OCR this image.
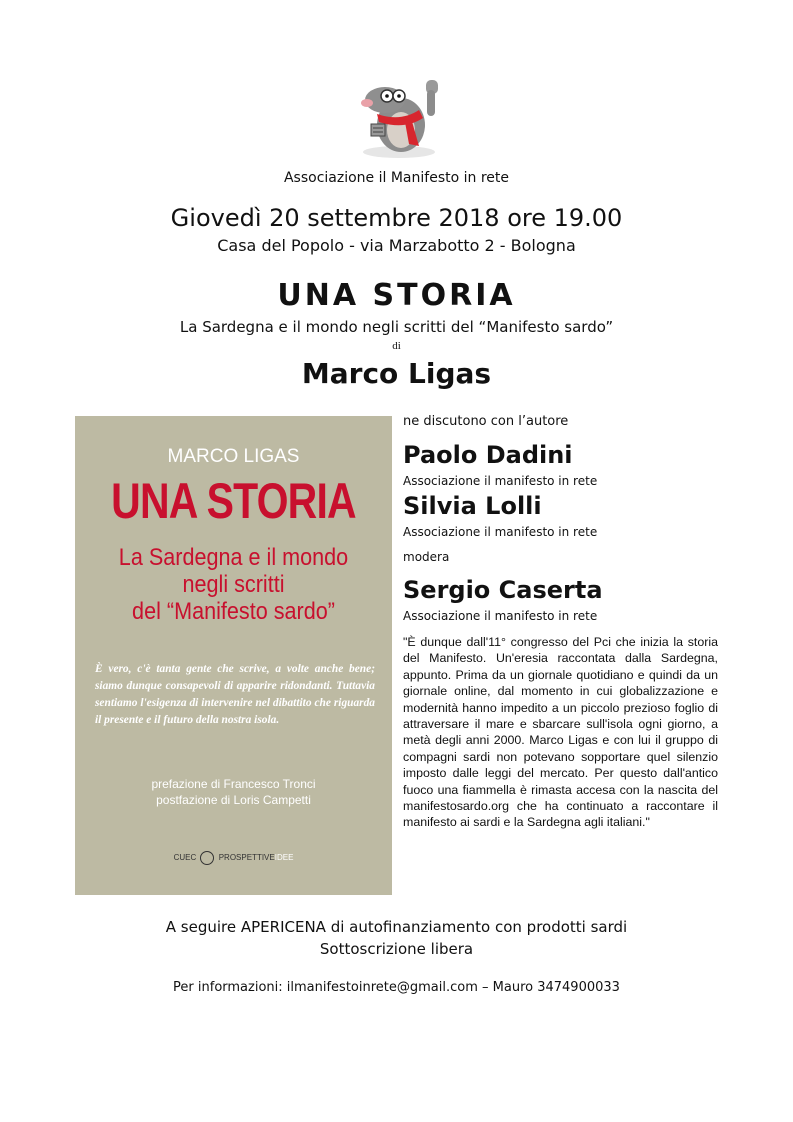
Associazione il Manifesto in rete
Giovedì 20 settembre 2018 ore 19.00
Casa del Popolo - via Marzabotto 2 - Bologna
UNA STORIA
La Sardegna e il mondo negli scritti del “Manifesto sardo”
di
Marco Ligas
MARCO LIGAS
UNA STORIA
La Sardegna e il mondo
negli scritti
del “Manifesto sardo”
È vero, c'è tanta gente che scrive, a volte anche bene; siamo dunque consapevoli di apparire ridondanti. Tuttavia sentiamo l'esigenza di intervenire nel dibattito che riguarda il presente e il futuro della nostra isola.
prefazione di Francesco Tronci
postfazione di Loris Campetti
CUEC	PROSPETTIVEIDEE
ne discutono con l’autore
Paolo Dadini
Associazione il manifesto in rete
Silvia Lolli
Associazione il manifesto in rete
modera
Sergio Caserta
Associazione il manifesto in rete
"È dunque dall'11° congresso del Pci che inizia la storia del Manifesto. Un'eresia raccontata dalla Sardegna, appunto. Prima da un giornale quotidiano e quindi da un giornale online, dal momento in cui globalizzazione e modernità hanno impedito a un piccolo prezioso foglio di attraversare il mare e sbarcare sull'isola ogni giorno, a metà degli anni 2000. Marco Ligas e con lui il gruppo di compagni sardi non potevano sopportare quel silenzio imposto dalle leggi del mercato. Per questo dall'antico fuoco una fiammella è rimasta accesa con la nascita del manifestosardo.org che ha continuato a raccontare il manifesto ai sardi e la Sardegna agli italiani."
A seguire APERICENA di autofinanziamento con prodotti sardi
Sottoscrizione libera
Per informazioni: ilmanifestoinrete@gmail.com – Mauro 3474900033
